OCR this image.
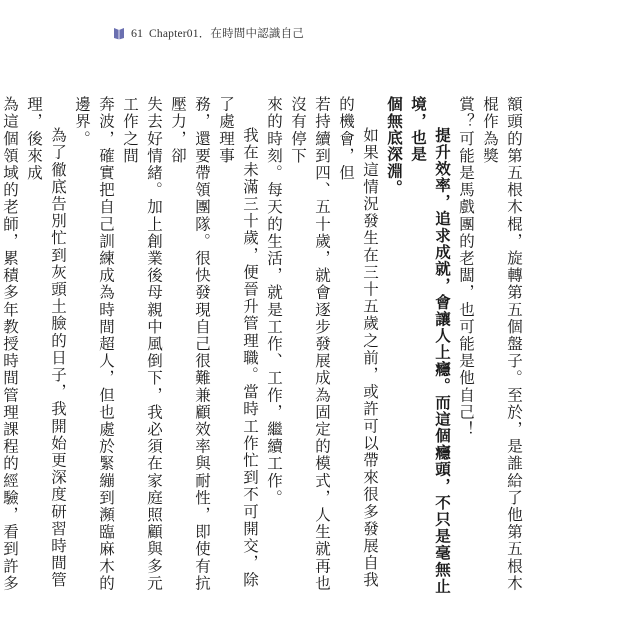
61 Chapter01．在時間中認識自己
額頭的第五根木棍，旋轉第五個盤子。至於，是誰給了他第五根木棍作為獎
賞？可能是馬戲團的老闆，也可能是他自己！
提升效率，追求成就，會讓人上癮。而這個癮頭，不只是毫無止境，也是
個無底深淵。
如果這情況發生在三十五歲之前，或許可以帶來很多發展自我的機會，但
若持續到四、五十歲，就會逐步發展成為固定的模式，人生就再也沒有停下
來的時刻。每天的生活，就是工作、工作，繼續工作。
我在未滿三十歲，便晉升管理職。當時工作忙到不可開交，除了處理事
務，還要帶領團隊。很快發現自己很難兼顧效率與耐性，即使有抗壓力，卻
失去好情緒。加上創業後母親中風倒下，我必須在家庭照顧與多元工作之間
奔波，確實把自己訓練成為時間超人，但也處於緊繃到瀕臨麻木的邊界。
為了徹底告別忙到灰頭土臉的日子，我開始更深度研習時間管理，後來成
為這個領域的老師，累積多年教授時間管理課程的經驗，看到許多
